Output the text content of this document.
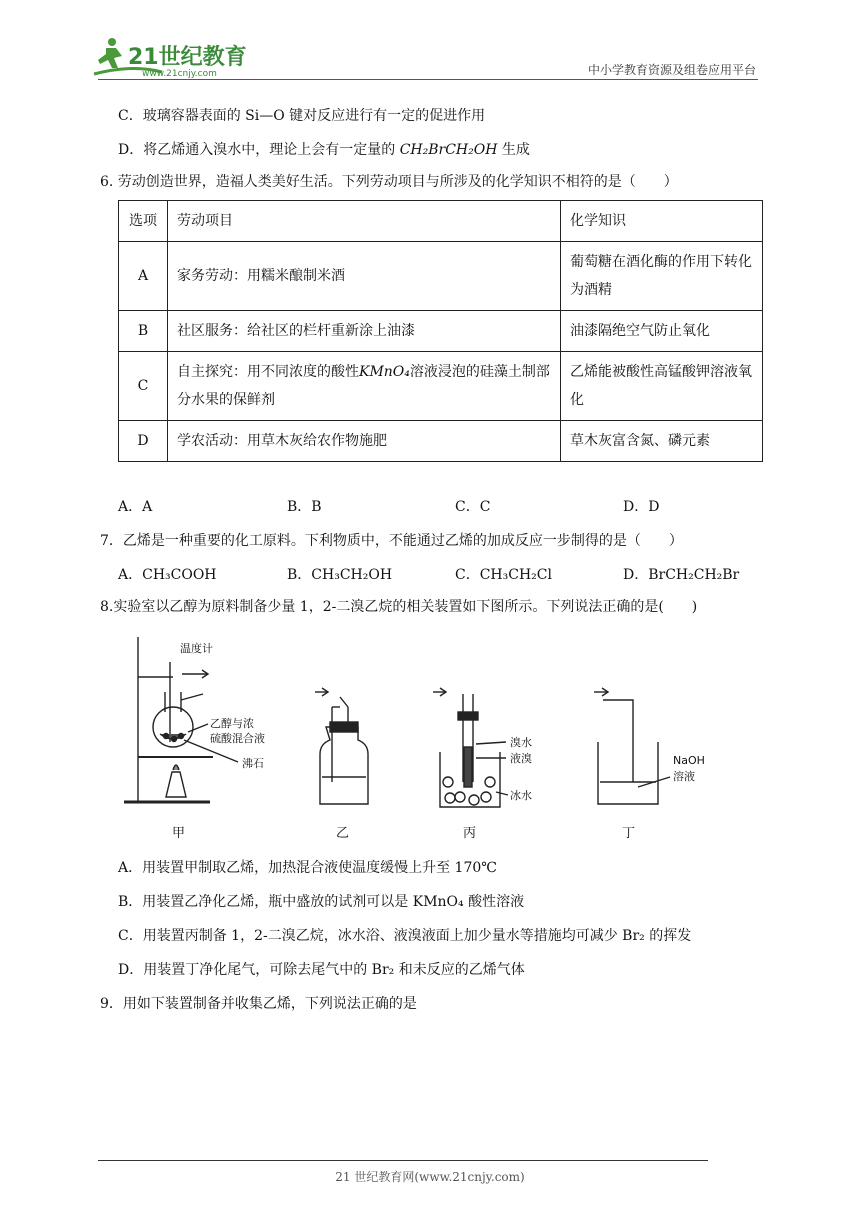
21世纪教育
www.21cnjy.com	中小学教育资源及组卷应用平台
C．玻璃容器表面的 Si—O 键对反应进行有一定的促进作用
D．将乙烯通入溴水中，理论上会有一定量的 CH₂BrCH₂OH 生成
6. 劳动创造世界，造福人类美好生活。下列劳动项目与所涉及的化学知识不相符的是（　　）
选项	劳动项目	化学知识
A	家务劳动：用糯米酿制米酒	葡萄糖在酒化酶的作用下转化为酒精
B	社区服务：给社区的栏杆重新涂上油漆	油漆隔绝空气防止氧化
C	自主探究：用不同浓度的酸性KMnO₄溶液浸泡的硅藻土制部分水果的保鲜剂	乙烯能被酸性高锰酸钾溶液氧化
D	学农活动：用草木灰给农作物施肥	草木灰富含氮、磷元素
A．A	B．B	C．C	D．D
7．乙烯是一种重要的化工原料。下利物质中，不能通过乙烯的加成反应一步制得的是（　　）
A．CH₃COOH	B．CH₃CH₂OH	C．CH₃CH₂Cl	D．BrCH₂CH₂Br
8.实验室以乙醇为原料制备少量 1，2-二溴乙烷的相关装置如下图所示。下列说法正确的是(　　)
温度计
乙醇与浓
硫酸混合液
沸石
溴水
液溴
冰水
NaOH
溶液
甲	乙	丙	丁
A．用装置甲制取乙烯，加热混合液使温度缓慢上升至 170℃
B．用装置乙净化乙烯，瓶中盛放的试剂可以是 KMnO₄ 酸性溶液
C．用装置丙制备 1，2-二溴乙烷，冰水浴、液溴液面上加少量水等措施均可减少 Br₂ 的挥发
D．用装置丁净化尾气，可除去尾气中的 Br₂ 和未反应的乙烯气体
9．用如下装置制备并收集乙烯，下列说法正确的是
21 世纪教育网(www.21cnjy.com)
